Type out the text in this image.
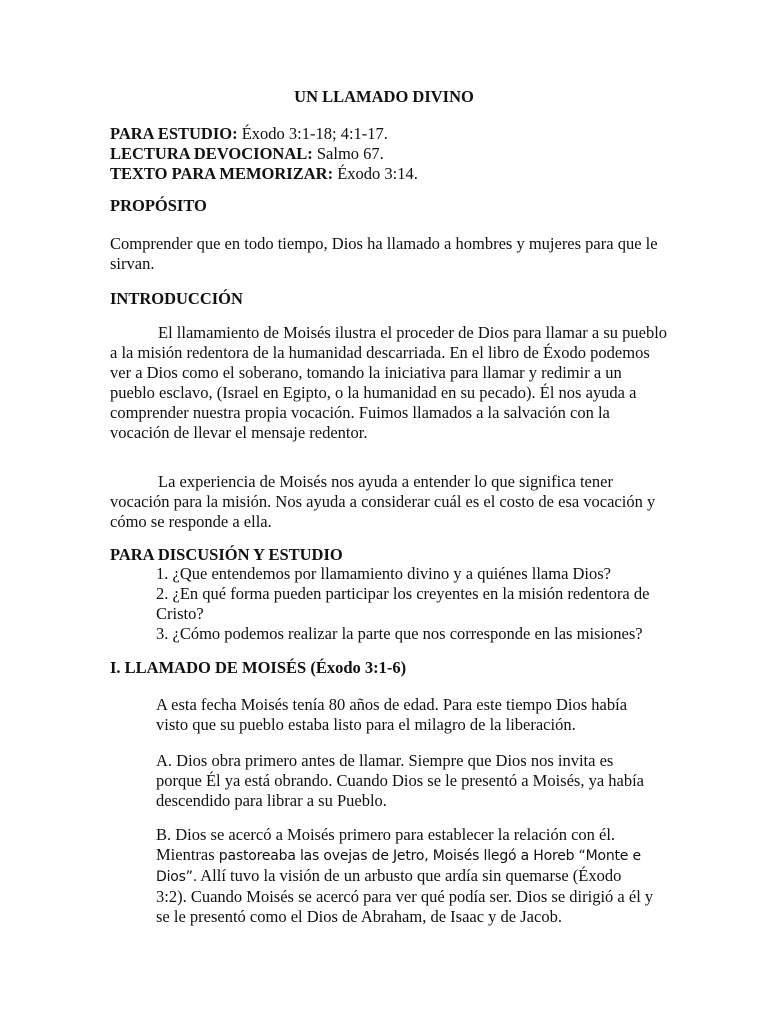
UN LLAMADO DIVINO

PARA ESTUDIO: Éxodo 3:1-18; 4:1-17.

LECTURA DEVOCIONAL: Salmo 67.

TEXTO PARA MEMORIZAR: Éxodo 3:14.

PROPÓSITO
Comprender que en todo tiempo, Dios ha llamado a hombres y mujeres para que le sirvan.
INTRODUCCIÓN

El llamamiento de Moisés ilustra el proceder de Dios para llamar a su pueblo a la misión redentora de la humanidad descarriada. En el libro de Éxodo podemos ver a Dios como el soberano, tomando la iniciativa para llamar y redimir a un pueblo esclavo, (Israel en Egipto, o la humanidad en su pecado). Él nos ayuda a comprender nuestra propia vocación. Fuimos llamados a la salvación con la vocación de llevar el mensaje redentor.

La experiencia de Moisés nos ayuda a entender lo que significa tener vocación para la misión. Nos ayuda a considerar cuál es el costo de esa vocación y cómo se responde a ella.

PARA DISCUSIÓN Y ESTUDIO
1. ¿Que entendemos por llamamiento divino y a quiénes llama Dios?
2. ¿En qué forma pueden participar los creyentes en la misión redentora de Cristo?
3. ¿Cómo podemos realizar la parte que nos corresponde en las misiones?
I. LLAMADO DE MOISÉS (Éxodo 3:1-6)
A esta fecha Moisés tenía 80 años de edad. Para este tiempo Dios había visto que su pueblo estaba listo para el milagro de la liberación.
A. Dios obra primero antes de llamar. Siempre que Dios nos invita es porque Él ya está obrando. Cuando Dios se le presentó a Moisés, ya había descendido para librar a su Pueblo.
B. Dios se acercó a Moisés primero para establecer la relación con él. Mientras pastoreaba las ovejas de Jetro, Moisés llegó a Horeb “Monte e Dios”. Allí tuvo la visión de un arbusto que ardía sin quemarse (Éxodo 3:2). Cuando Moisés se acercó para ver qué podía ser. Dios se dirigió a él y se le presentó como el Dios de Abraham, de Isaac y de Jacob.
